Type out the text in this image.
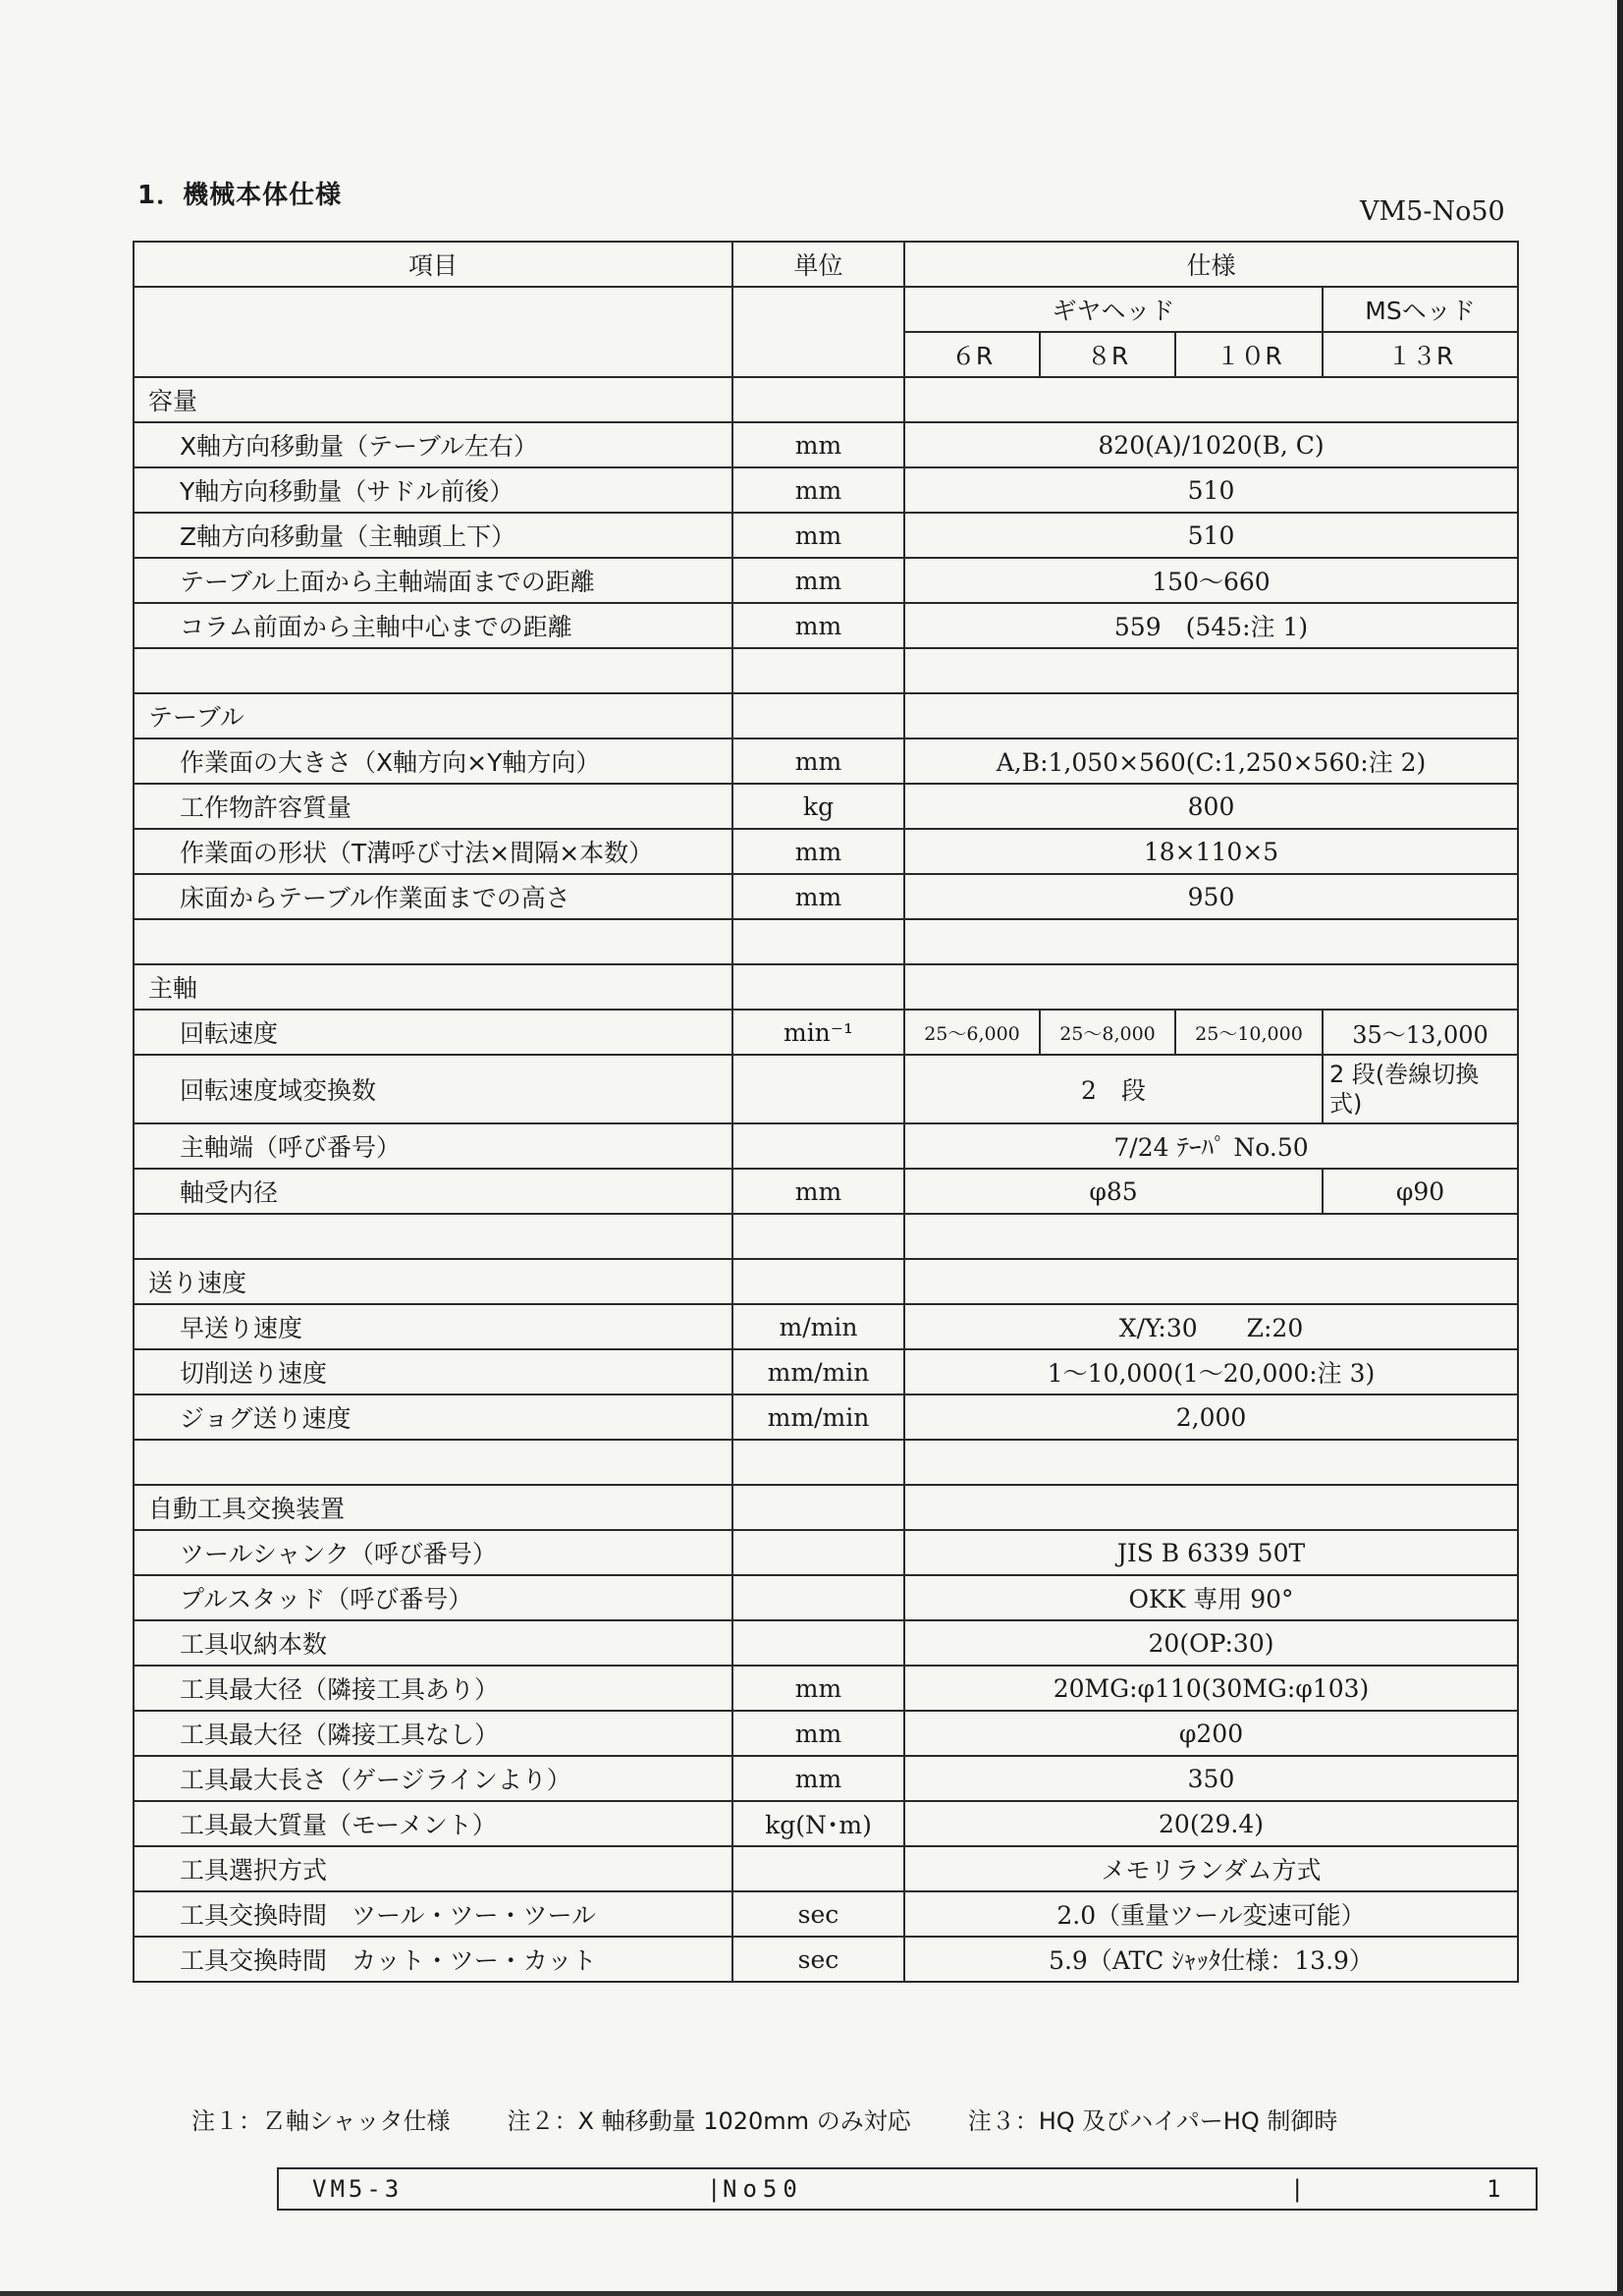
1．機械本体仕様
VM5-No50
項目	単位	仕様			
		ギヤヘッド			MSヘッド
		６R	８R	１０R	１３R
容量					
X軸方向移動量（テーブル左右）	mm	820(A)/1020(B, C)			
Y軸方向移動量（サドル前後）	mm	510			
Z軸方向移動量（主軸頭上下）	mm	510			
テーブル上面から主軸端面までの距離	mm	150〜660			
コラム前面から主軸中心までの距離	mm	559　(545:注 1)			

テーブル					
作業面の大きさ（X軸方向×Y軸方向）	mm	A,B:1,050×560(C:1,250×560:注 2)			
工作物許容質量	kg	800			
作業面の形状（T溝呼び寸法×間隔×本数）	mm	18×110×5			
床面からテーブル作業面までの高さ	mm	950			

主軸					
回転速度	min⁻¹	25〜6,000	25〜8,000	25〜10,000	35〜13,000
回転速度域変換数		2　段			2 段(巻線切換式)
主軸端（呼び番号）		7/24 ﾃｰﾊﾟ No.50			
軸受内径	mm	φ85			φ90

送り速度					
早送り速度	m/min	X/Y:30　　Z:20			
切削送り速度	mm/min	1〜10,000(1〜20,000:注 3)			
ジョグ送り速度	mm/min	2,000			

自動工具交換装置					
ツールシャンク（呼び番号）		JIS B 6339 50T			
プルスタッド（呼び番号）		OKK 専用 90°			
工具収納本数		20(OP:30)			
工具最大径（隣接工具あり）	mm	20MG:φ110(30MG:φ103)			
工具最大径（隣接工具なし）	mm	φ200			
工具最大長さ（ゲージラインより）	mm	350			
工具最大質量（モーメント）	kg(N･m)	20(29.4)			
工具選択方式		メモリランダム方式			
工具交換時間　ツール・ツー・ツール	sec	2.0（重量ツール変速可能）			
工具交換時間　カット・ツー・カット	sec	5.9（ATC ｼｬｯﾀ仕様：13.9）			
注１：Ｚ軸シャッタ仕様 注２：X 軸移動量 1020mm のみ対応 注３：HQ 及びハイパーHQ 制御時
VM5-3	| No50	|	1
